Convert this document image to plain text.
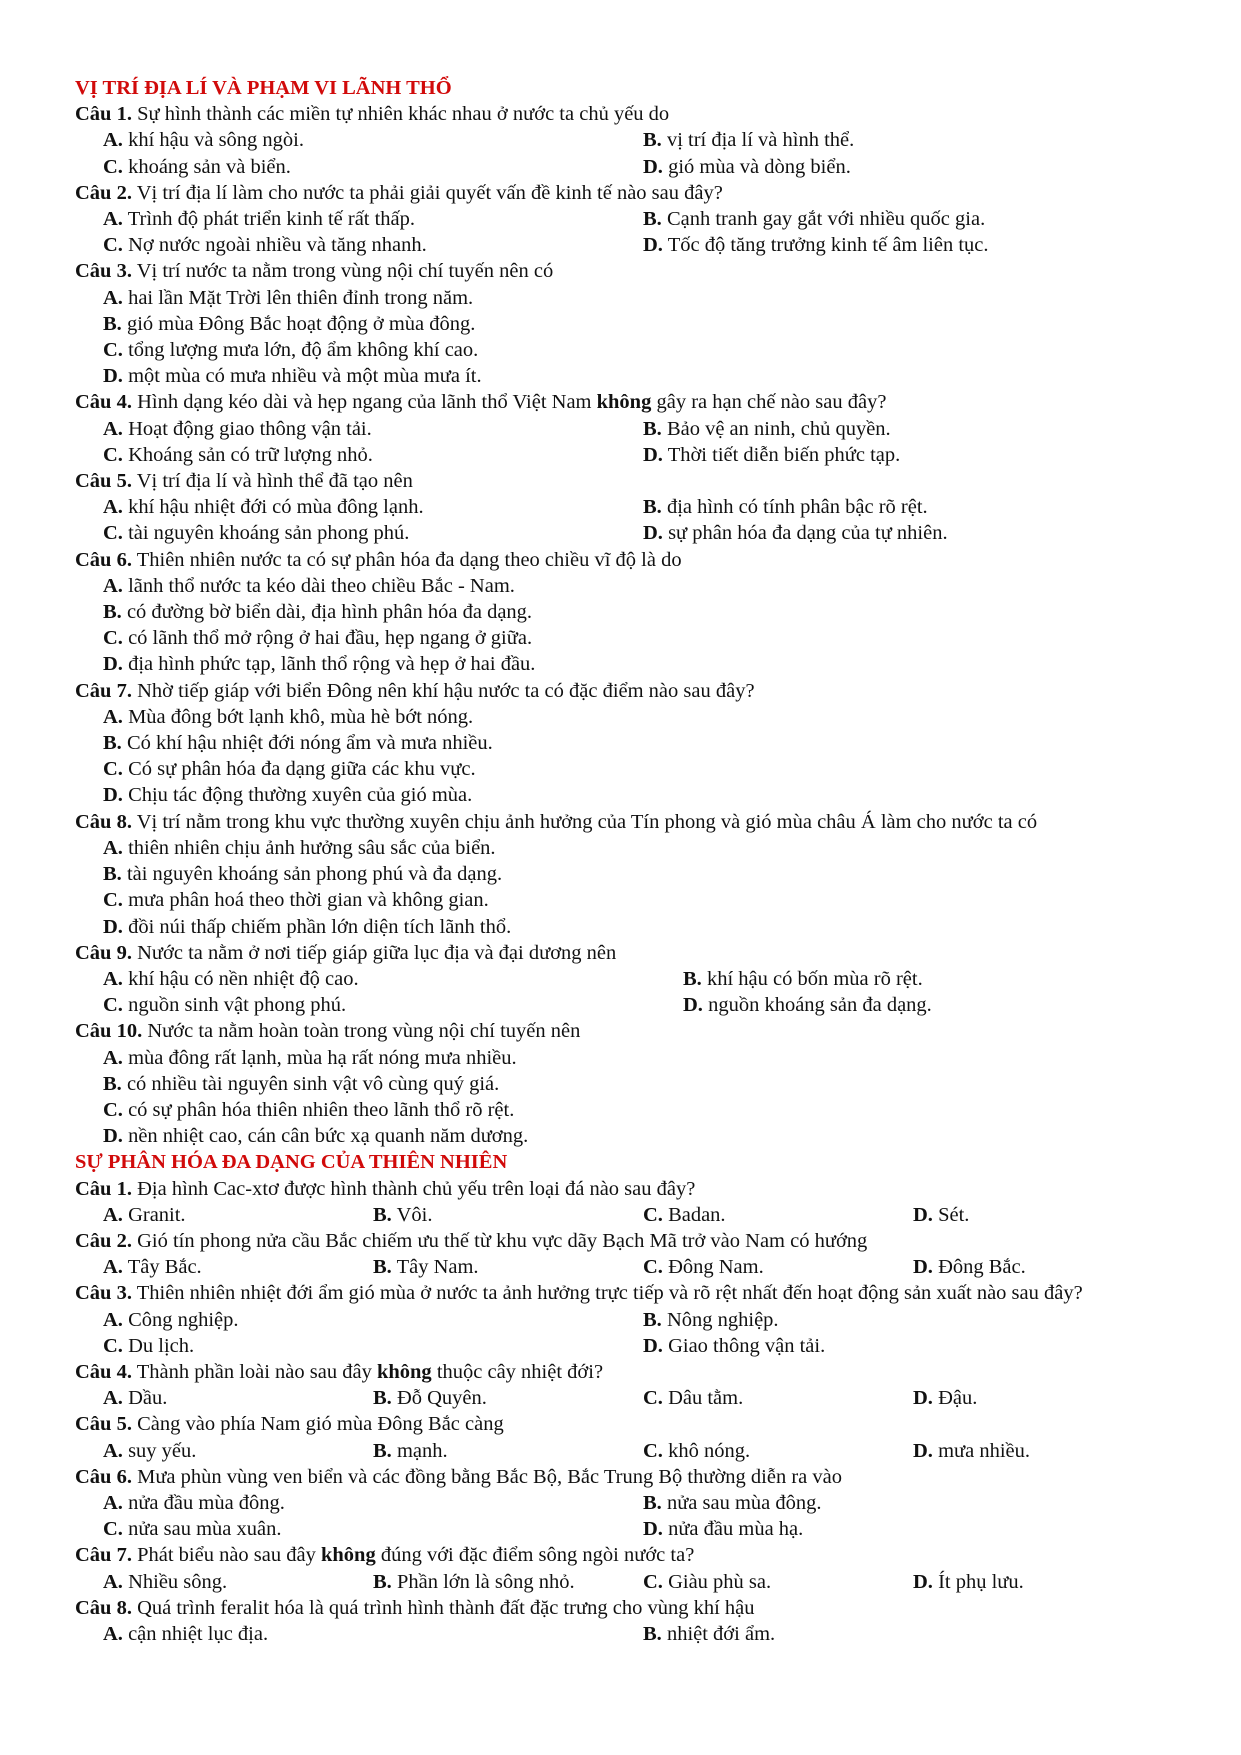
VỊ TRÍ ĐỊA LÍ VÀ PHẠM VI LÃNH THỔ
Câu 1. Sự hình thành các miền tự nhiên khác nhau ở nước ta chủ yếu do
A. khí hậu và sông ngòi.	B. vị trí địa lí và hình thể.
C. khoáng sản và biển.	D. gió mùa và dòng biển.
Câu 2. Vị trí địa lí làm cho nước ta phải giải quyết vấn đề kinh tế nào sau đây?
A. Trình độ phát triển kinh tế rất thấp.	B. Cạnh tranh gay gắt với nhiều quốc gia.
C. Nợ nước ngoài nhiều và tăng nhanh.	D. Tốc độ tăng trưởng kinh tế âm liên tục.
Câu 3. Vị trí nước ta nằm trong vùng nội chí tuyến nên có
A. hai lần Mặt Trời lên thiên đỉnh trong năm.
B. gió mùa Đông Bắc hoạt động ở mùa đông.
C. tổng lượng mưa lớn, độ ẩm không khí cao.
D. một mùa có mưa nhiều và một mùa mưa ít.
Câu 4. Hình dạng kéo dài và hẹp ngang của lãnh thổ Việt Nam không gây ra hạn chế nào sau đây?
A. Hoạt động giao thông vận tải.	B. Bảo vệ an ninh, chủ quyền.
C. Khoáng sản có trữ lượng nhỏ.	D. Thời tiết diễn biến phức tạp.
Câu 5. Vị trí địa lí và hình thể đã tạo nên
A. khí hậu nhiệt đới có mùa đông lạnh.	B. địa hình có tính phân bậc rõ rệt.
C. tài nguyên khoáng sản phong phú.	D. sự phân hóa đa dạng của tự nhiên.
Câu 6. Thiên nhiên nước ta có sự phân hóa đa dạng theo chiều vĩ độ là do
A. lãnh thổ nước ta kéo dài theo chiều Bắc - Nam.
B. có đường bờ biển dài, địa hình phân hóa đa dạng.
C. có lãnh thổ mở rộng ở hai đầu, hẹp ngang ở giữa.
D. địa hình phức tạp, lãnh thổ rộng và hẹp ở hai đầu.
Câu 7. Nhờ tiếp giáp với biển Đông nên khí hậu nước ta có đặc điểm nào sau đây?
A. Mùa đông bớt lạnh khô, mùa hè bớt nóng.
B. Có khí hậu nhiệt đới nóng ẩm và mưa nhiều.
C. Có sự phân hóa đa dạng giữa các khu vực.
D. Chịu tác động thường xuyên của gió mùa.
Câu 8. Vị trí nằm trong khu vực thường xuyên chịu ảnh hưởng của Tín phong và gió mùa châu Á làm cho nước ta có
A. thiên nhiên chịu ảnh hưởng sâu sắc của biển.
B. tài nguyên khoáng sản phong phú và đa dạng.
C. mưa phân hoá theo thời gian và không gian.
D. đồi núi thấp chiếm phần lớn diện tích lãnh thổ.
Câu 9. Nước ta nằm ở nơi tiếp giáp giữa lục địa và đại dương nên
A. khí hậu có nền nhiệt độ cao.	B. khí hậu có bốn mùa rõ rệt.
C. nguồn sinh vật phong phú.	D. nguồn khoáng sản đa dạng.
Câu 10. Nước ta nằm hoàn toàn trong vùng nội chí tuyến nên
A. mùa đông rất lạnh, mùa hạ rất nóng mưa nhiều.
B. có nhiều tài nguyên sinh vật vô cùng quý giá.
C. có sự phân hóa thiên nhiên theo lãnh thổ rõ rệt.
D. nền nhiệt cao, cán cân bức xạ quanh năm dương.
SỰ PHÂN HÓA ĐA DẠNG CỦA THIÊN NHIÊN
Câu 1. Địa hình Cac-xtơ được hình thành chủ yếu trên loại đá nào sau đây?
A. Granit.	B. Vôi.	C. Badan.	D. Sét.
Câu 2. Gió tín phong nửa cầu Bắc chiếm ưu thế từ khu vực dãy Bạch Mã trở vào Nam có hướng
A. Tây Bắc.	B. Tây Nam.	C. Đông Nam.	D. Đông Bắc.
Câu 3. Thiên nhiên nhiệt đới ẩm gió mùa ở nước ta ảnh hưởng trực tiếp và rõ rệt nhất đến hoạt động sản xuất nào sau đây?
A. Công nghiệp.	B. Nông nghiệp.
C. Du lịch.	D. Giao thông vận tải.
Câu 4. Thành phần loài nào sau đây không thuộc cây nhiệt đới?
A. Dầu.	B. Đỗ Quyên.	C. Dâu tằm.	D. Đậu.
Câu 5. Càng vào phía Nam gió mùa Đông Bắc càng
A. suy yếu.	B. mạnh.	C. khô nóng.	D. mưa nhiều.
Câu 6. Mưa phùn vùng ven biển và các đồng bằng Bắc Bộ, Bắc Trung Bộ thường diễn ra vào
A. nửa đầu mùa đông.	B. nửa sau mùa đông.
C. nửa sau mùa xuân.	D. nửa đầu mùa hạ.
Câu 7. Phát biểu nào sau đây không đúng với đặc điểm sông ngòi nước ta?
A. Nhiều sông.	B. Phần lớn là sông nhỏ.	C. Giàu phù sa.	D. Ít phụ lưu.
Câu 8. Quá trình feralit hóa là quá trình hình thành đất đặc trưng cho vùng khí hậu
A. cận nhiệt lục địa.	B. nhiệt đới ẩm.
